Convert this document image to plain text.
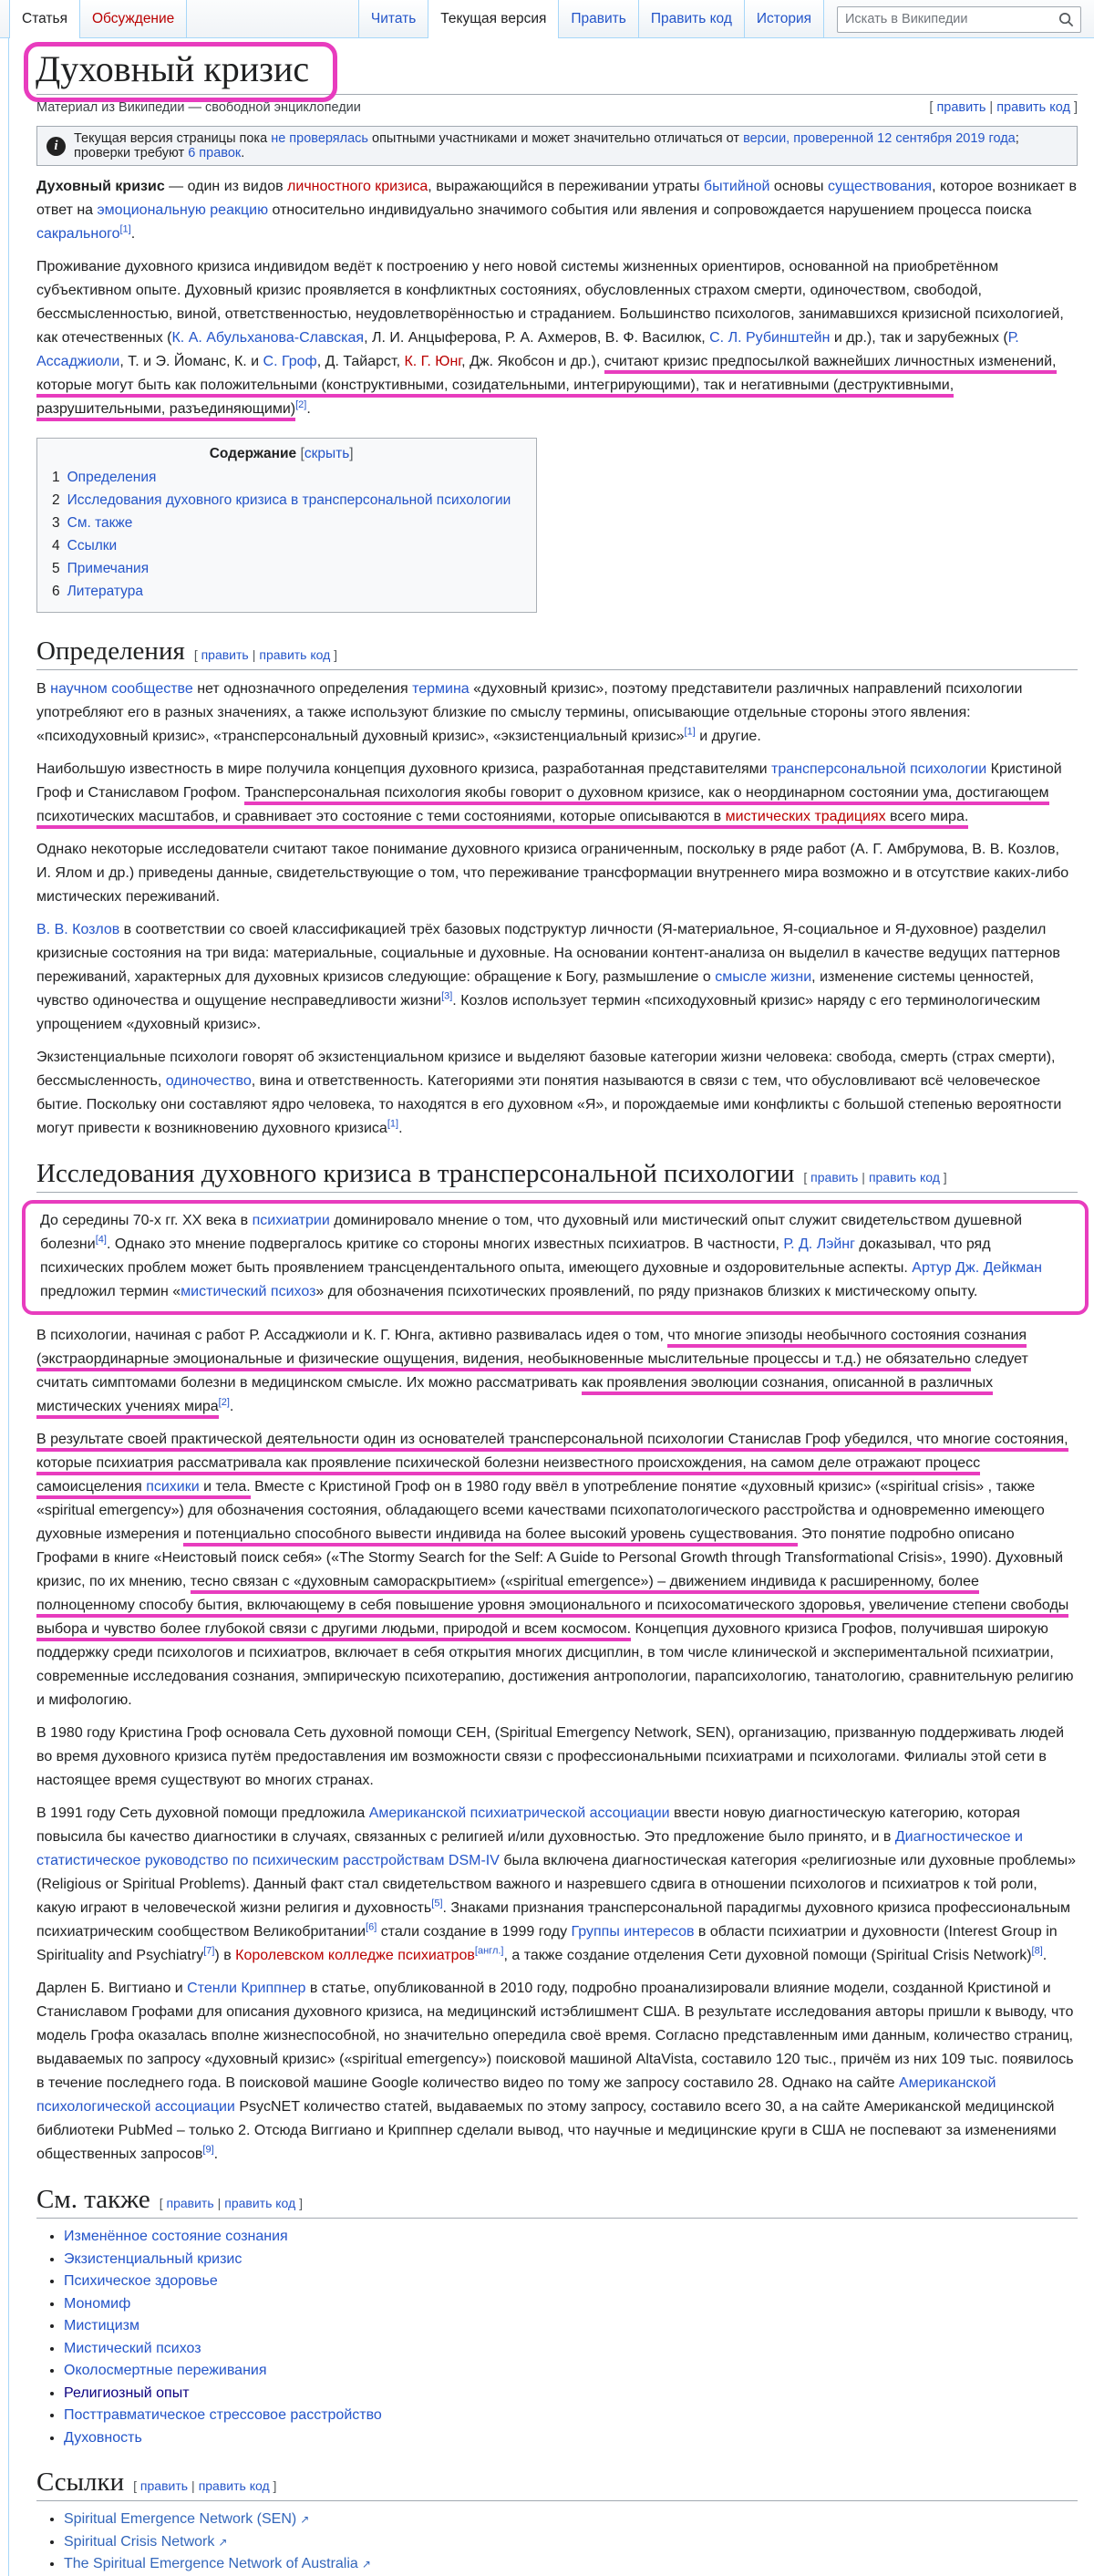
Статья Обсуждение	Читать Текущая версия Править Править код История
Искать в Википедии
Духовный кризис
Материал из Википедии — свободной энциклопедии	[ править | править код ]
i	Текущая версия страницы пока не проверялась опытными участниками и может значительно отличаться от версии, проверенной 12 сентября 2019 года; проверки требуют 6 правок.

Духовный кризис — один из видов личностного кризиса, выражающийся в переживании утраты бытийной основы существования, которое возникает в ответ на эмоциональную реакцию относительно индивидуально значимого события или явления и сопровождается нарушением процесса поиска сакрального[1].

Проживание духовного кризиса индивидом ведёт к построению у него новой системы жизненных ориентиров, основанной на приобретённом субъективном опыте. Духовный кризис проявляется в конфликтных состояниях, обусловленных страхом смерти, одиночеством, свободой, бессмысленностью, виной, ответственностью, неудовлетворённостью и страданием. Большинство психологов, занимавшихся кризисной психологией, как отечественных (К. А. Абульханова-Славская, Л. И. Анцыферова, Р. А. Ахмеров, В. Ф. Василюк, С. Л. Рубинштейн и др.), так и зарубежных (Р. Ассаджиоли, Т. и Э. Йоманс, К. и С. Гроф, Д. Тайарст, К. Г. Юнг, Дж. Якобсон и др.), считают кризис предпосылкой важнейших личностных изменений, которые могут быть как положительными (конструктивными, созидательными, интегрирующими), так и негативными (деструктивными, разрушительными, разъединяющими)[2].

Содержание [скрыть]
1 Определения
2 Исследования духовного кризиса в трансперсональной психологии
3 См. также
4 Ссылки
5 Примечания
6 Литература
Определения [ править | править код ]

В научном сообществе нет однозначного определения термина «духовный кризис», поэтому представители различных направлений психологии употребляют его в разных значениях, а также используют близкие по смыслу термины, описывающие отдельные стороны этого явления: «психодуховный кризис», «трансперсональный духовный кризис», «экзистенциальный кризис»[1] и другие.

Наибольшую известность в мире получила концепция духовного кризиса, разработанная представителями трансперсональной психологии Кристиной Гроф и Станиславом Грофом. Трансперсональная психология якобы говорит о духовном кризисе, как о неординарном состоянии ума, достигающем психотических масштабов, и сравнивает это состояние с теми состояниями, которые описываются в мистических традициях всего мира.

Однако некоторые исследователи считают такое понимание духовного кризиса ограниченным, поскольку в ряде работ (А. Г. Амбрумова, В. В. Козлов, И. Ялом и др.) приведены данные, свидетельствующие о том, что переживание трансформации внутреннего мира возможно и в отсутствие каких-либо мистических переживаний.

В. В. Козлов в соответствии со своей классификацией трёх базовых подструктур личности (Я-материальное, Я-социальное и Я-духовное) разделил кризисные состояния на три вида: материальные, социальные и духовные. На основании контент-анализа он выделил в качестве ведущих паттернов переживаний, характерных для духовных кризисов следующие: обращение к Богу, размышление о смысле жизни, изменение системы ценностей, чувство одиночества и ощущение несправедливости жизни[3]. Козлов использует термин «психодуховный кризис» наряду с его терминологическим упрощением «духовный кризис».

Экзистенциальные психологи говорят об экзистенциальном кризисе и выделяют базовые категории жизни человека: свобода, смерть (страх смерти), бессмысленность, одиночество, вина и ответственность. Категориями эти понятия называются в связи с тем, что обусловливают всё человеческое бытие. Поскольку они составляют ядро человека, то находятся в его духовном «Я», и порождаемые ими конфликты с большой степенью вероятности могут привести к возникновению духовного кризиса[1].

Исследования духовного кризиса в трансперсональной психологии [ править | править код ]

До середины 70-х гг. XX века в психиатрии доминировало мнение о том, что духовный или мистический опыт служит свидетельством душевной болезни[4]. Однако это мнение подвергалось критике со стороны многих известных психиатров. В частности, Р. Д. Лэйнг доказывал, что ряд психических проблем может быть проявлением трансцендентального опыта, имеющего духовные и оздоровительные аспекты. Артур Дж. Дейкман предложил термин «мистический психоз» для обозначения психотических проявлений, по ряду признаков близких к мистическому опыту.

В психологии, начиная с работ Р. Ассаджиоли и К. Г. Юнга, активно развивалась идея о том, что многие эпизоды необычного состояния сознания (экстраординарные эмоциональные и физические ощущения, видения, необыкновенные мыслительные процессы и т.д.) не обязательно следует считать симптомами болезни в медицинском смысле. Их можно рассматривать как проявления эволюции сознания, описанной в различных мистических учениях мира[2].

В результате своей практической деятельности один из основателей трансперсональной психологии Станислав Гроф убедился, что многие состояния, которые психиатрия рассматривала как проявление психической болезни неизвестного происхождения, на самом деле отражают процесс самоисцеления психики и тела. Вместе с Кристиной Гроф он в 1980 году ввёл в употребление понятие «духовный кризис» («spiritual crisis» , также «spiritual emergency») для обозначения состояния, обладающего всеми качествами психопатологического расстройства и одновременно имеющего духовные измерения и потенциально способного вывести индивида на более высокий уровень существования. Это понятие подробно описано Грофами в книге «Неистовый поиск себя» («The Stormy Search for the Self: A Guide to Personal Growth through Transformational Crisis», 1990). Духовный кризис, по их мнению, тесно связан с «духовным самораскрытием» («spiritual emergence») – движением индивида к расширенному, более полноценному способу бытия, включающему в себя повышение уровня эмоционального и психосоматического здоровья, увеличение степени свободы выбора и чувство более глубокой связи с другими людьми, природой и всем космосом. Концепция духовного кризиса Грофов, получившая широкую поддержку среди психологов и психиатров, включает в себя открытия многих дисциплин, в том числе клинической и экспериментальной психиатрии, современные исследования сознания, эмпирическую психотерапию, достижения антропологии, парапсихологию, танатологию, сравнительную религию и мифологию.

В 1980 году Кристина Гроф основала Сеть духовной помощи СЕН, (Spiritual Emergency Network, SEN), организацию, призванную поддерживать людей во время духовного кризиса путём предоставления им возможности связи с профессиональными психиатрами и психологами. Филиалы этой сети в настоящее время существуют во многих странах.

В 1991 году Сеть духовной помощи предложила Американской психиатрической ассоциации ввести новую диагностическую категорию, которая повысила бы качество диагностики в случаях, связанных с религией и/или духовностью. Это предложение было принято, и в Диагностическое и статистическое руководство по психическим расстройствам DSM-IV была включена диагностическая категория «религиозные или духовные проблемы» (Religious or Spiritual Problems). Данный факт стал свидетельством важного и назревшего сдвига в отношении психологов и психиатров к той роли, какую играют в человеческой жизни религия и духовность[5]. Знаками признания трансперсональной парадигмы духовного кризиса профессиональным психиатрическим сообществом Великобритании[6] стали создание в 1999 году Группы интересов в области психиатрии и духовности (Interest Group in Spirituality and Psychiatry[7]) в Королевском колледже психиатров[англ.], а также создание отделения Сети духовной помощи (Spiritual Crisis Network)[8].

Дарлен Б. Вигтиано и Стенли Криппнер в статье, опубликованной в 2010 году, подробно проанализировали влияние модели, созданной Кристиной и Станиславом Грофами для описания духовного кризиса, на медицинский истэблишмент США. В результате исследования авторы пришли к выводу, что модель Грофа оказалась вполне жизнеспособной, но значительно опередила своё время. Согласно представленным ими данным, количество страниц, выдаваемых по запросу «духовный кризис» («spiritual emergency») поисковой машиной AltaVista, составило 120 тыс., причём из них 109 тыс. появилось в течение последнего года. В поисковой машине Google количество видео по тому же запросу составило 28. Однако на сайте Американской психологической ассоциации PsycNET количество статей, выдаваемых по этому запросу, составило всего 30, а на сайте Американской медицинской библиотеки PubMed – только 2. Отсюда Виггиано и Криппнер сделали вывод, что научные и медицинские круги в США не поспевают за изменениями общественных запросов[9].

См. также [ править | править код ]
• Изменённое состояние сознания
• Экзистенциальный кризис
• Психическое здоровье
• Мономиф
• Мистицизм
• Мистический психоз
• Околосмертные переживания
• Религиозный опыт
• Посттравматическое стрессовое расстройство
• Духовность
Ссылки [ править | править код ]
• Spiritual Emergence Network (SEN) ↗
• Spiritual Crisis Network ↗
• The Spiritual Emergence Network of Australia ↗
